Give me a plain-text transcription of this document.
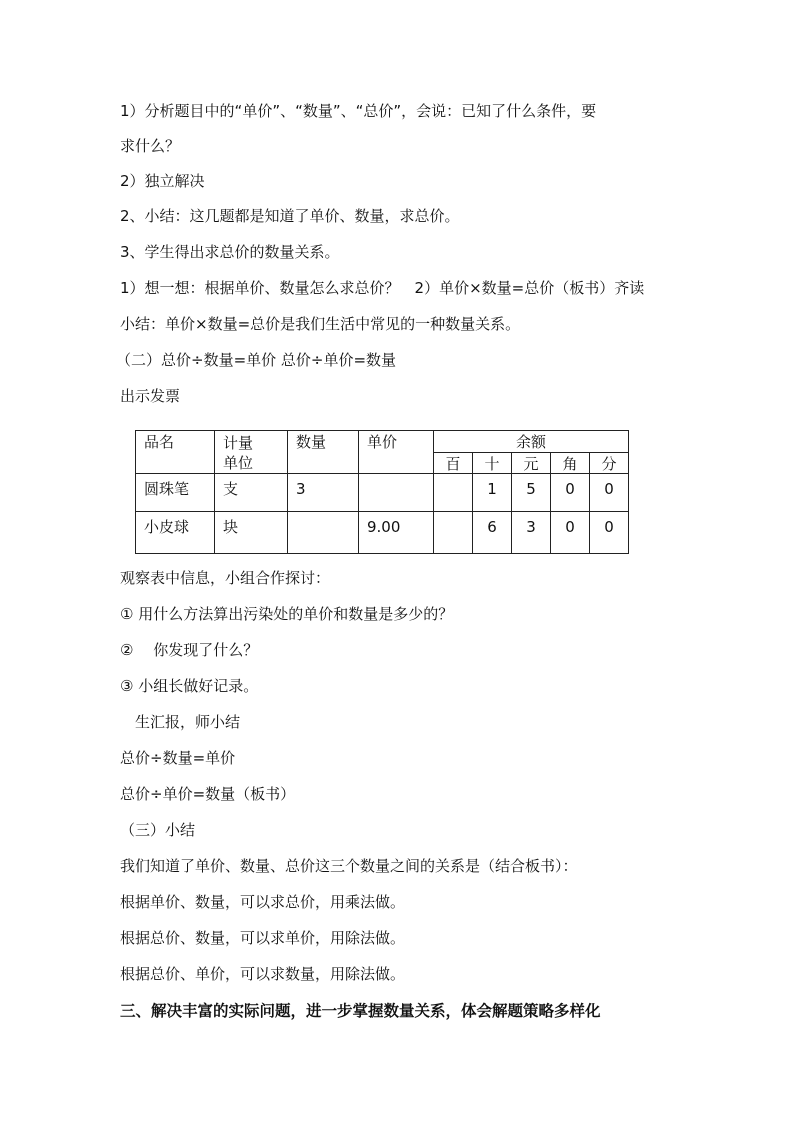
1）分析题目中的“单价”、“数量”、“总价”，会说：已知了什么条件，要
求什么？
2）独立解决
2、小结：这几题都是知道了单价、数量，求总价。
3、学生得出求总价的数量关系。
1）想一想：根据单价、数量怎么求总价？　2）单价×数量=总价（板书）齐读
小结：单价×数量=总价是我们生活中常见的一种数量关系。
（二）总价÷数量=单价 总价÷单价=数量
出示发票
品名	计量单位	数量	单价	余额				

				百	十	元	角	分

圆珠笔	支	3			1	5	0	0

小皮球	块		9.00		6	3	0	0
观察表中信息，小组合作探讨：
① 用什么方法算出污染处的单价和数量是多少的？
②　 你发现了什么？
③ 小组长做好记录。
　生汇报，师小结
总价÷数量=单价
总价÷单价=数量（板书）
（三）小结
我们知道了单价、数量、总价这三个数量之间的关系是（结合板书）：
根据单价、数量，可以求总价，用乘法做。
根据总价、数量，可以求单价，用除法做。
根据总价、单价，可以求数量，用除法做。
三、解决丰富的实际问题，进一步掌握数量关系，体会解题策略多样化
